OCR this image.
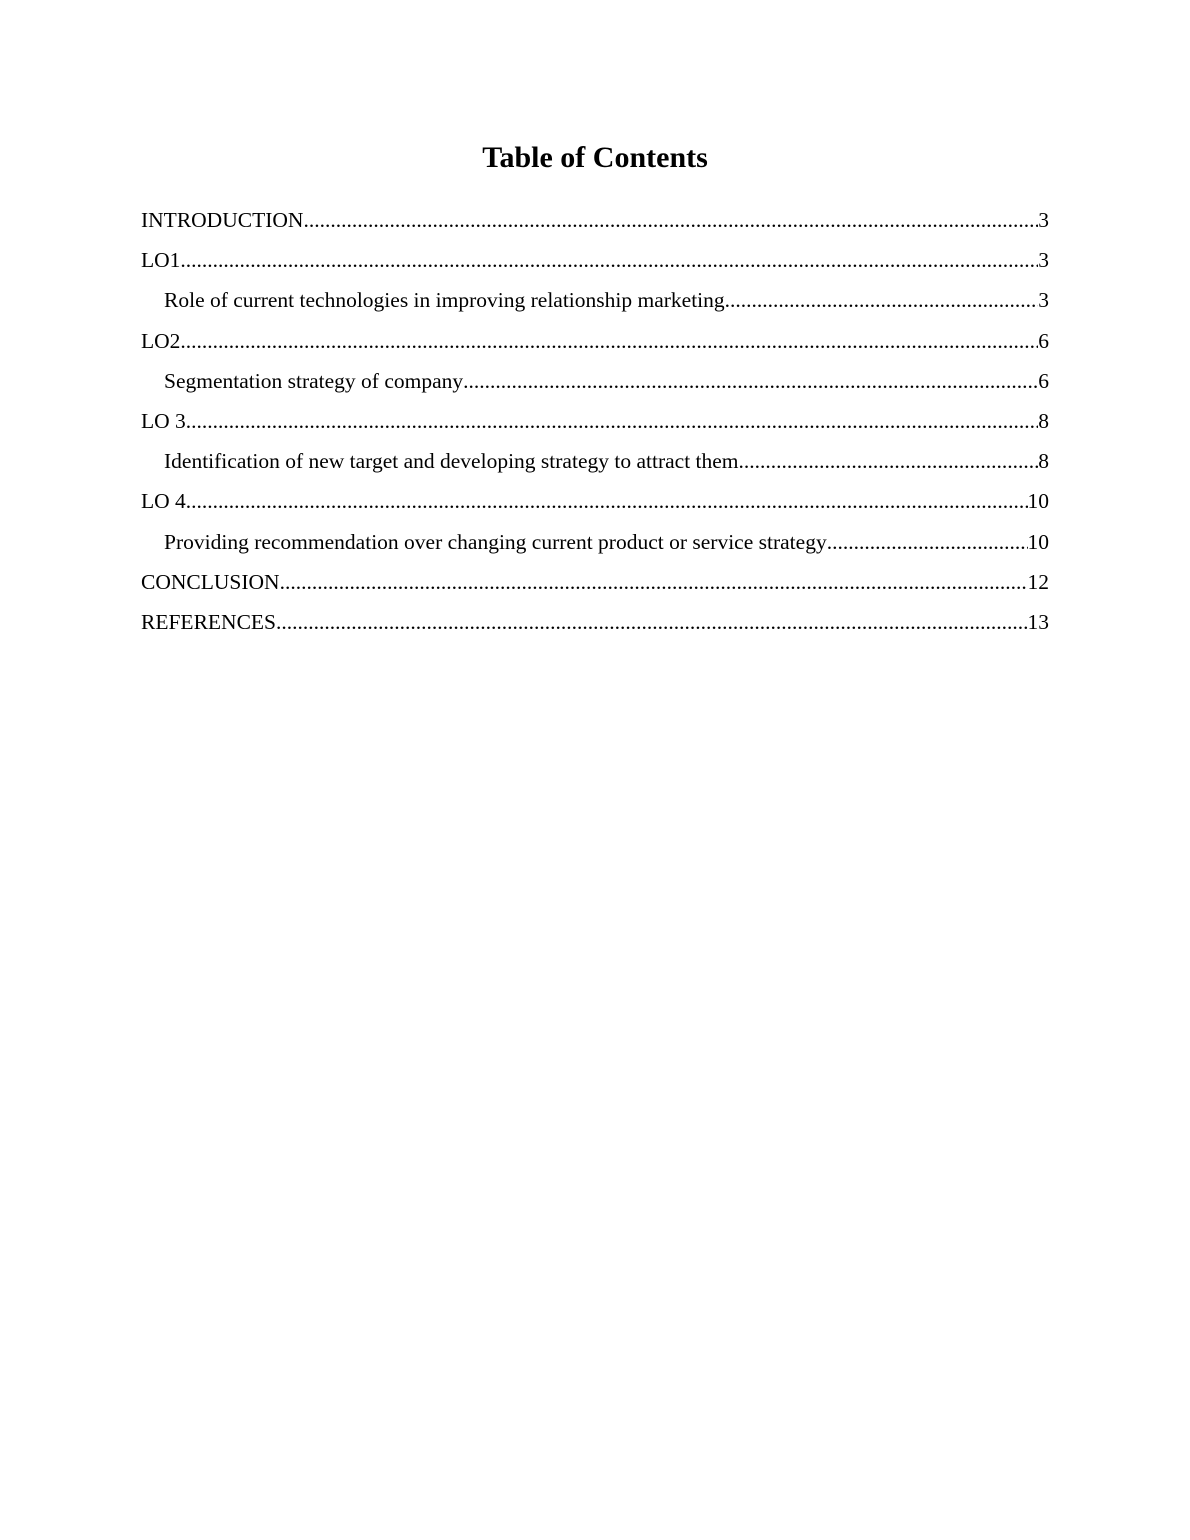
Table of Contents
INTRODUCTION .....	3
LO1 .....	3
Role of current technologies in improving relationship marketing .....	3
LO2 .....	6
Segmentation strategy of company .....	6
LO 3 .....	8
Identification of new target and developing strategy to attract them .....	8
LO 4 .....	10
Providing recommendation over changing current product or service strategy .....	10
CONCLUSION .....	12
REFERENCES .....	13
